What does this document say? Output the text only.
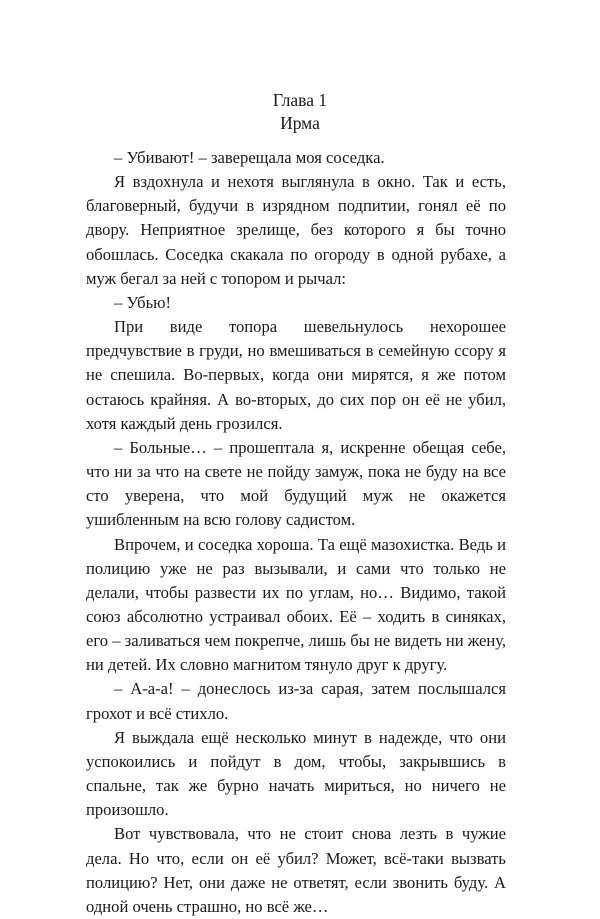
Глава 1
Ирма

– Убивают! – заверещала моя соседка.

Я вздохнула и нехотя выглянула в окно. Так и есть, благоверный, будучи в изрядном подпитии, гонял её по двору. Неприятное зрелище, без которого я бы точно обошлась. Соседка скакала по огороду в одной рубахе, а муж бегал за ней с топором и рычал:

– Убью!

При виде топора шевельнулось нехорошее предчувствие в груди, но вмешиваться в семейную ссору я не спешила. Во-первых, когда они мирятся, я же потом остаюсь крайняя. А во-вторых, до сих пор он её не убил, хотя каждый день грозился.

– Больные… – прошептала я, искренне обещая себе, что ни за что на свете не пойду замуж, пока не буду на все сто уверена, что мой будущий муж не окажется ушибленным на всю голову садистом.

Впрочем, и соседка хороша. Та ещё мазохистка. Ведь и полицию уже не раз вызывали, и сами что только не делали, чтобы развести их по углам, но… Видимо, такой союз абсолютно устраивал обоих. Её – ходить в синяках, его – заливаться чем покрепче, лишь бы не видеть ни жену, ни детей. Их словно магнитом тянуло друг к другу.

– А-а-а! – донеслось из-за сарая, затем послышался грохот и всё стихло.

Я выждала ещё несколько минут в надежде, что они успокоились и пойдут в дом, чтобы, закрывшись в спальне, так же бурно начать мириться, но ничего не произошло.

Вот чувствовала, что не стоит снова лезть в чужие дела. Но что, если он её убил? Может, всё-таки вызвать полицию? Нет, они даже не ответят, если звонить буду. А одной очень страшно, но всё же…
